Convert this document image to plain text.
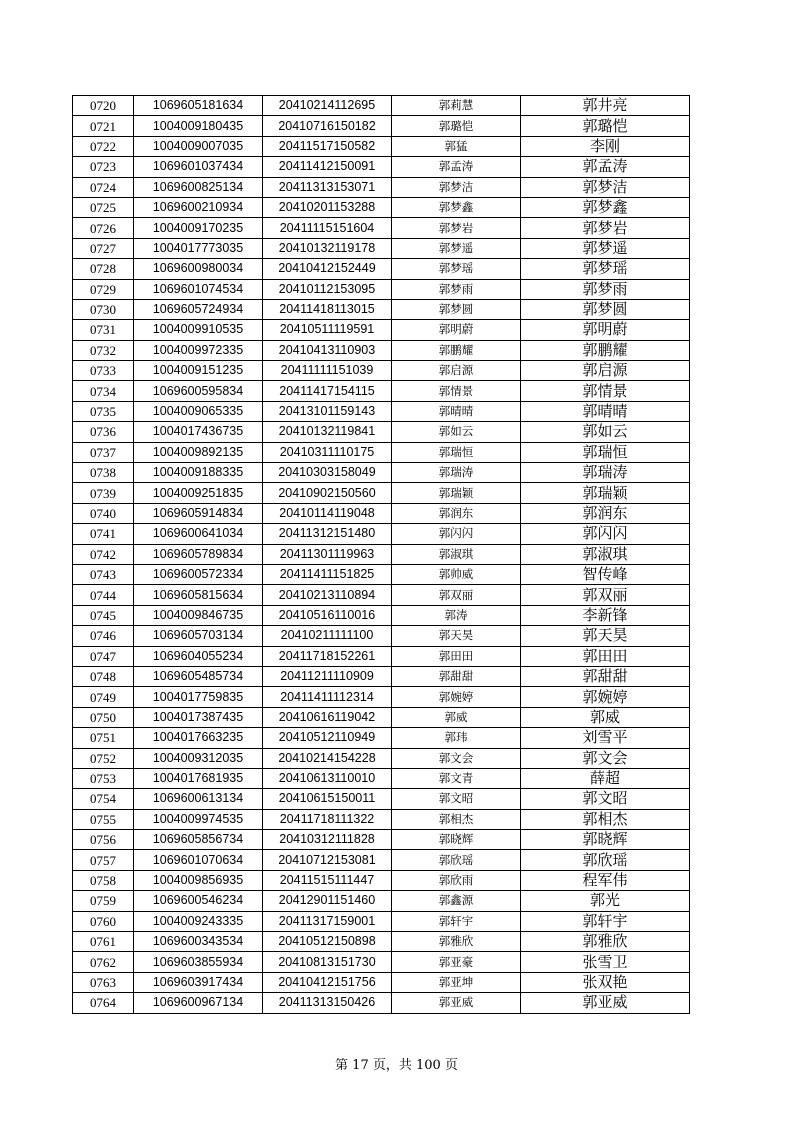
0720	1069605181634	20410214112695	郭莉慧	郭井亮
0721	1004009180435	20410716150182	郭璐恺	郭璐恺
0722	1004009007035	20411517150582	郭猛	李刚
0723	1069601037434	20411412150091	郭孟涛	郭孟涛
0724	1069600825134	20411313153071	郭梦洁	郭梦洁
0725	1069600210934	20410201153288	郭梦鑫	郭梦鑫
0726	1004009170235	20411115151604	郭梦岩	郭梦岩
0727	1004017773035	20410132119178	郭梦遥	郭梦遥
0728	1069600980034	20410412152449	郭梦瑶	郭梦瑶
0729	1069601074534	20410112153095	郭梦雨	郭梦雨
0730	1069605724934	20411418113015	郭梦圆	郭梦圆
0731	1004009910535	20410511119591	郭明蔚	郭明蔚
0732	1004009972335	20410413110903	郭鹏耀	郭鹏耀
0733	1004009151235	20411111151039	郭启源	郭启源
0734	1069600595834	20411417154115	郭情景	郭情景
0735	1004009065335	20413101159143	郭晴晴	郭晴晴
0736	1004017436735	20410132119841	郭如云	郭如云
0737	1004009892135	20410311110175	郭瑞恒	郭瑞恒
0738	1004009188335	20410303158049	郭瑞涛	郭瑞涛
0739	1004009251835	20410902150560	郭瑞颖	郭瑞颖
0740	1069605914834	20410114119048	郭润东	郭润东
0741	1069600641034	20411312151480	郭闪闪	郭闪闪
0742	1069605789834	20411301119963	郭淑琪	郭淑琪
0743	1069600572334	20411411151825	郭帅威	智传峰
0744	1069605815634	20410213110894	郭双丽	郭双丽
0745	1004009846735	20410516110016	郭涛	李新锋
0746	1069605703134	20410211111100	郭天昊	郭天昊
0747	1069604055234	20411718152261	郭田田	郭田田
0748	1069605485734	20411211110909	郭甜甜	郭甜甜
0749	1004017759835	20411411112314	郭婉婷	郭婉婷
0750	1004017387435	20410616119042	郭威	郭威
0751	1004017663235	20410512110949	郭玮	刘雪平
0752	1004009312035	20410214154228	郭文会	郭文会
0753	1004017681935	20410613110010	郭文青	薛超
0754	1069600613134	20410615150011	郭文昭	郭文昭
0755	1004009974535	20411718111322	郭相杰	郭相杰
0756	1069605856734	20410312111828	郭晓辉	郭晓辉
0757	1069601070634	20410712153081	郭欣瑶	郭欣瑶
0758	1004009856935	20411515111447	郭欣雨	程军伟
0759	1069600546234	20412901151460	郭鑫源	郭光
0760	1004009243335	20411317159001	郭轩宇	郭轩宇
0761	1069600343534	20410512150898	郭雅欣	郭雅欣
0762	1069603855934	20410813151730	郭亚豪	张雪卫
0763	1069603917434	20410412151756	郭亚坤	张双艳
0764	1069600967134	20411313150426	郭亚威	郭亚威
第 17 页，共 100 页
